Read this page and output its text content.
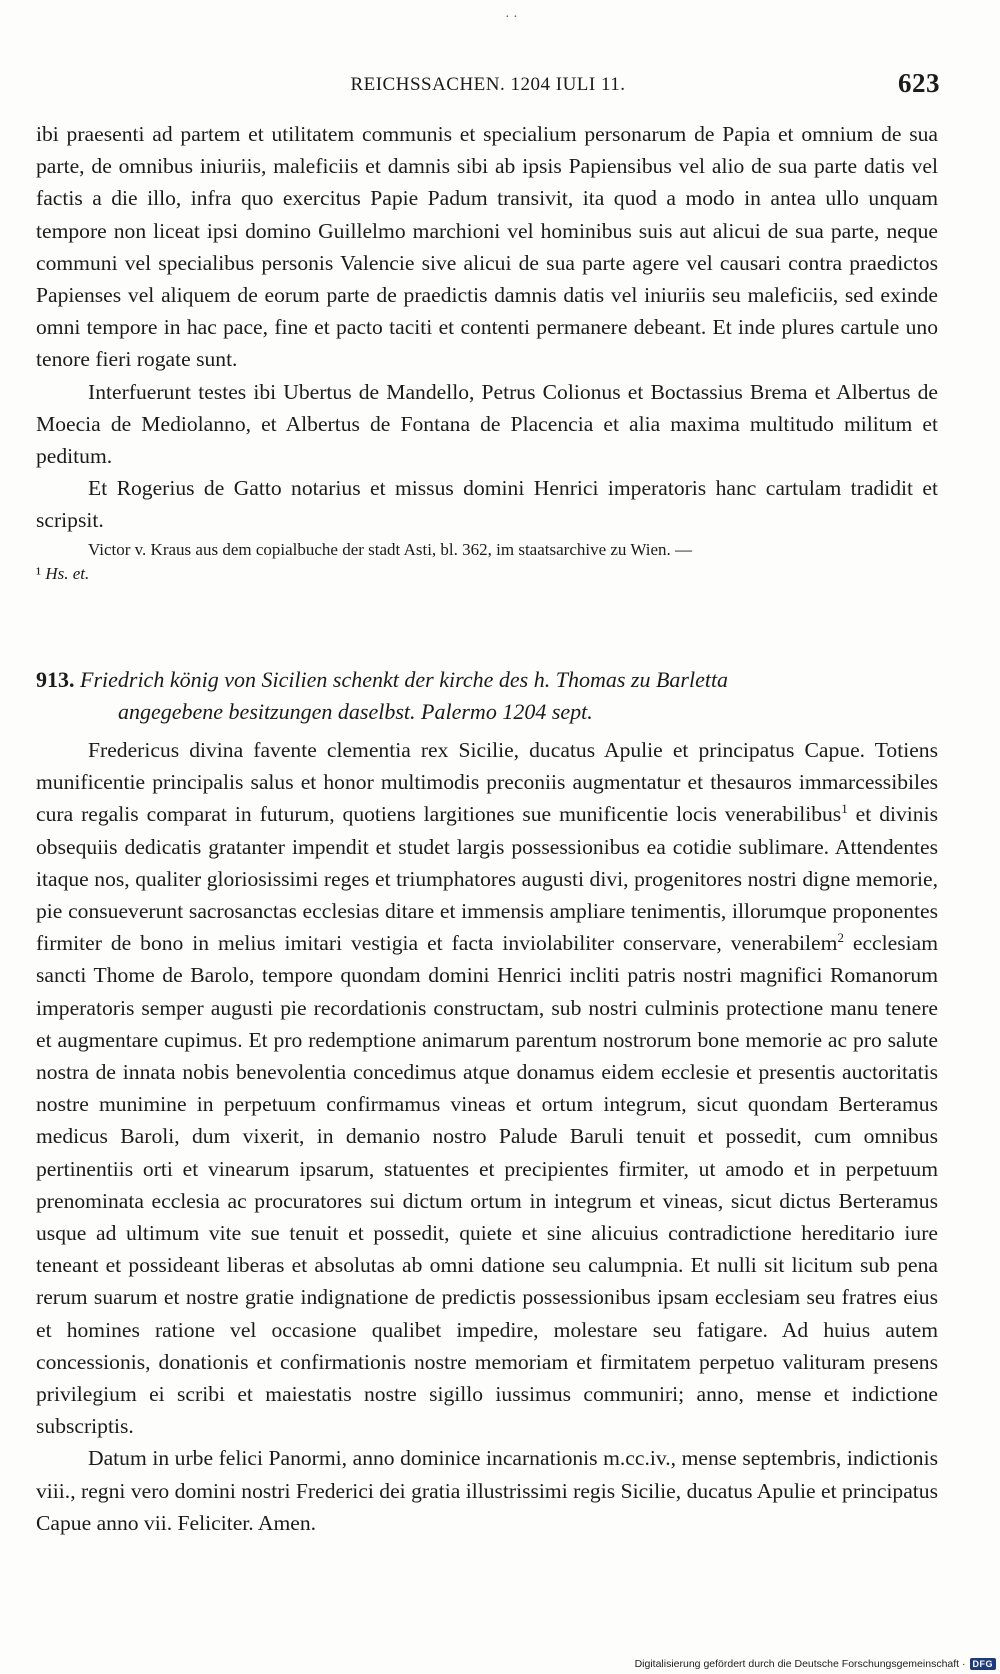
· ·
REICHSSACHEN. 1204 IULI 11.	623

ibi praesenti ad partem et utilitatem communis et specialium personarum de Papia et omnium de sua parte, de omnibus iniuriis, maleficiis et damnis sibi ab ipsis Papiensibus vel alio de sua parte datis vel factis a die illo, infra quo exercitus Papie Padum transivit, ita quod a modo in antea ullo unquam tempore non liceat ipsi domino Guillelmo marchioni vel hominibus suis aut alicui de sua parte, neque communi vel specialibus personis Valencie sive alicui de sua parte agere vel causari contra praedictos Papienses vel aliquem de eorum parte de praedictis damnis datis vel iniuriis seu maleficiis, sed exinde omni tempore in hac pace, fine et pacto taciti et contenti permanere debeant. Et inde plures cartule uno tenore fieri rogate sunt.

Interfuerunt testes ibi Ubertus de Mandello, Petrus Colionus et Boctassius Brema et Albertus de Moecia de Mediolanno, et Albertus de Fontana de Placencia et alia maxima multitudo militum et peditum.

Et Rogerius de Gatto notarius et missus domini Henrici imperatoris hanc cartulam tradidit et scripsit.

Victor v. Kraus aus dem copialbuche der stadt Asti, bl. 362, im staatsarchive zu Wien. —

¹ Hs. et.

913. Friedrich könig von Sicilien schenkt der kirche des h. Thomas zu Barletta
angegebene besitzungen daselbst. Palermo 1204 sept.

Fredericus divina favente clementia rex Sicilie, ducatus Apulie et principatus Capue. Totiens munificentie principalis salus et honor multimodis preconiis augmentatur et thesauros immarcessibiles cura regalis comparat in futurum, quotiens largitiones sue munificentie locis venerabilibus$^1$ et divinis obsequiis dedicatis gratanter impendit et studet largis possessionibus ea cotidie sublimare. Attendentes itaque nos, qualiter gloriosissimi reges et triumphatores augusti divi, progenitores nostri digne memorie, pie consueverunt sacrosanctas ecclesias ditare et immensis ampliare tenimentis, illorumque proponentes firmiter de bono in melius imitari vestigia et facta inviolabiliter conservare, venerabilem$^2$ ecclesiam sancti Thome de Barolo, tempore quondam domini Henrici incliti patris nostri magnifici Romanorum imperatoris semper augusti pie recordationis constructam, sub nostri culminis protectione manu tenere et augmentare cupimus. Et pro redemptione animarum parentum nostrorum bone memorie ac pro salute nostra de innata nobis benevolentia concedimus atque donamus eidem ecclesie et presentis auctoritatis nostre munimine in perpetuum confirmamus vineas et ortum integrum, sicut quondam Berteramus medicus Baroli, dum vixerit, in demanio nostro Palude Baruli tenuit et possedit, cum omnibus pertinentiis orti et vinearum ipsarum, statuentes et precipientes firmiter, ut amodo et in perpetuum prenominata ecclesia ac procuratores sui dictum ortum in integrum et vineas, sicut dictus Berteramus usque ad ultimum vite sue tenuit et possedit, quiete et sine alicuius contradictione hereditario iure teneant et possideant liberas et absolutas ab omni datione seu calumpnia. Et nulli sit licitum sub pena rerum suarum et nostre gratie indignatione de predictis possessionibus ipsam ecclesiam seu fratres eius et homines ratione vel occasione qualibet impedire, molestare seu fatigare. Ad huius autem concessionis, donationis et confirmationis nostre memoriam et firmitatem perpetuo valituram presens privilegium ei scribi et maiestatis nostre sigillo iussimus communiri; anno, mense et indictione subscriptis.

Datum in urbe felici Panormi, anno dominice incarnationis m.cc.iv., mense septembris, indictionis viii., regni vero domini nostri Frederici dei gratia illustrissimi regis Sicilie, ducatus Apulie et principatus Capue anno vii. Feliciter. Amen.

Digitalisierung gefördert durch die Deutsche Forschungsgemeinschaft · DFG
